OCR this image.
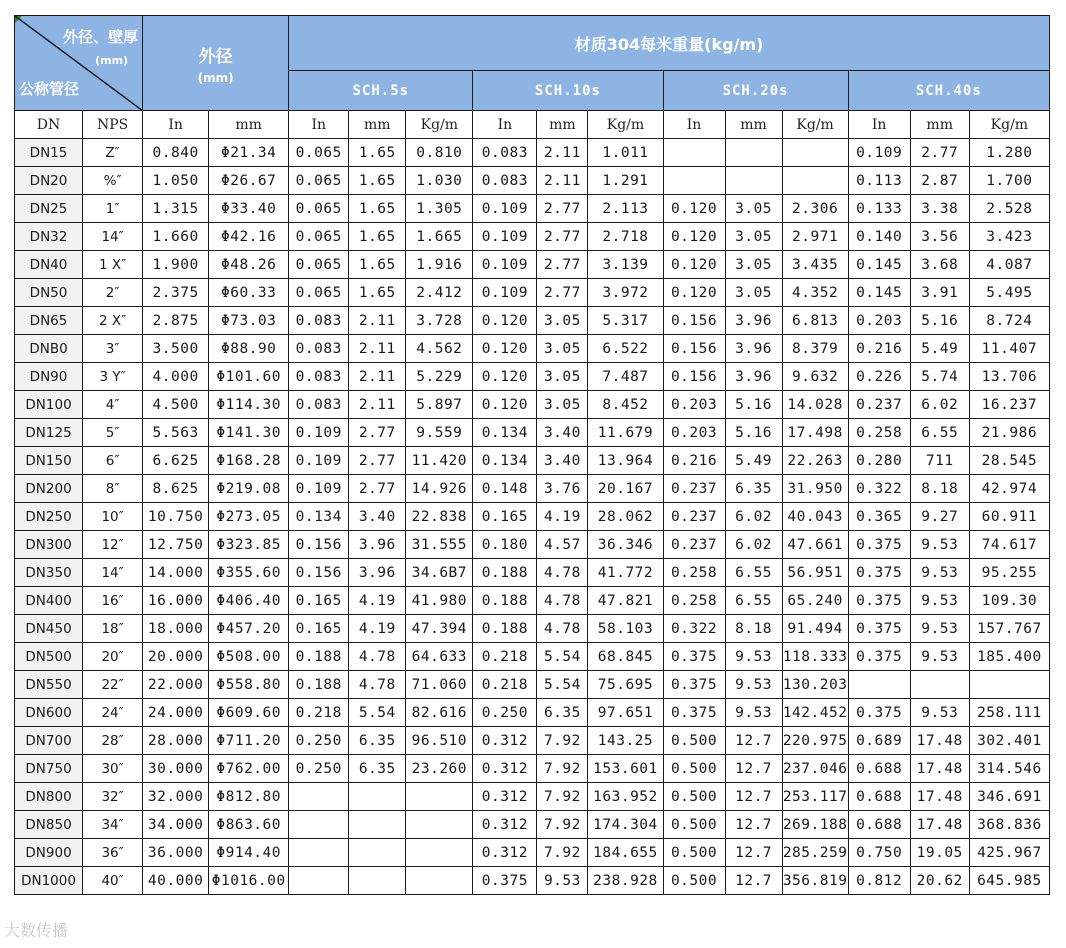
外径、壁厚
(mm)
公称管径		外径
(mm)		材质304每米重量(kg/m)											
				SCH.5s			SCH.10s			SCH.20s			SCH.40s		
DN	NPS	In	mm	In	mm	Kg/m	In	mm	Kg/m	In	mm	Kg/m	In	mm	Kg/m
DN15	Z″	0.840	Φ21.34	0.065	1.65	0.810	0.083	2.11	1.011				0.109	2.77	1.280
DN20	%″	1.050	Φ26.67	0.065	1.65	1.030	0.083	2.11	1.291				0.113	2.87	1.700
DN25	1″	1.315	Φ33.40	0.065	1.65	1.305	0.109	2.77	2.113	0.120	3.05	2.306	0.133	3.38	2.528
DN32	14″	1.660	Φ42.16	0.065	1.65	1.665	0.109	2.77	2.718	0.120	3.05	2.971	0.140	3.56	3.423
DN40	1 X″	1.900	Φ48.26	0.065	1.65	1.916	0.109	2.77	3.139	0.120	3.05	3.435	0.145	3.68	4.087
DN50	2″	2.375	Φ60.33	0.065	1.65	2.412	0.109	2.77	3.972	0.120	3.05	4.352	0.145	3.91	5.495
DN65	2 X″	2.875	Φ73.03	0.083	2.11	3.728	0.120	3.05	5.317	0.156	3.96	6.813	0.203	5.16	8.724
DNB0	3″	3.500	Φ88.90	0.083	2.11	4.562	0.120	3.05	6.522	0.156	3.96	8.379	0.216	5.49	11.407
DN90	3 Y″	4.000	Φ101.60	0.083	2.11	5.229	0.120	3.05	7.487	0.156	3.96	9.632	0.226	5.74	13.706
DN100	4″	4.500	Φ114.30	0.083	2.11	5.897	0.120	3.05	8.452	0.203	5.16	14.028	0.237	6.02	16.237
DN125	5″	5.563	Φ141.30	0.109	2.77	9.559	0.134	3.40	11.679	0.203	5.16	17.498	0.258	6.55	21.986
DN150	6″	6.625	Φ168.28	0.109	2.77	11.420	0.134	3.40	13.964	0.216	5.49	22.263	0.280	711	28.545
DN200	8″	8.625	Φ219.08	0.109	2.77	14.926	0.148	3.76	20.167	0.237	6.35	31.950	0.322	8.18	42.974
DN250	10″	10.750	Φ273.05	0.134	3.40	22.838	0.165	4.19	28.062	0.237	6.02	40.043	0.365	9.27	60.911
DN300	12″	12.750	Φ323.85	0.156	3.96	31.555	0.180	4.57	36.346	0.237	6.02	47.661	0.375	9.53	74.617
DN350	14″	14.000	Φ355.60	0.156	3.96	34.6B7	0.188	4.78	41.772	0.258	6.55	56.951	0.375	9.53	95.255
DN400	16″	16.000	Φ406.40	0.165	4.19	41.980	0.188	4.78	47.821	0.258	6.55	65.240	0.375	9.53	109.30
DN450	18″	18.000	Φ457.20	0.165	4.19	47.394	0.188	4.78	58.103	0.322	8.18	91.494	0.375	9.53	157.767
DN500	20″	20.000	Φ508.00	0.188	4.78	64.633	0.218	5.54	68.845	0.375	9.53	118.333	0.375	9.53	185.400
DN550	22″	22.000	Φ558.80	0.188	4.78	71.060	0.218	5.54	75.695	0.375	9.53	130.203			
DN600	24″	24.000	Φ609.60	0.218	5.54	82.616	0.250	6.35	97.651	0.375	9.53	142.452	0.375	9.53	258.111
DN700	28″	28.000	Φ711.20	0.250	6.35	96.510	0.312	7.92	143.25	0.500	12.7	220.975	0.689	17.48	302.401
DN750	30″	30.000	Φ762.00	0.250	6.35	23.260	0.312	7.92	153.601	0.500	12.7	237.046	0.688	17.48	314.546
DN800	32″	32.000	Φ812.80				0.312	7.92	163.952	0.500	12.7	253.117	0.688	17.48	346.691
DN850	34″	34.000	Φ863.60				0.312	7.92	174.304	0.500	12.7	269.188	0.688	17.48	368.836
DN900	36″	36.000	Φ914.40				0.312	7.92	184.655	0.500	12.7	285.259	0.750	19.05	425.967
DN1000	40″	40.000	Φ1016.00				0.375	9.53	238.928	0.500	12.7	356.819	0.812	20.62	645.985
大数传播
